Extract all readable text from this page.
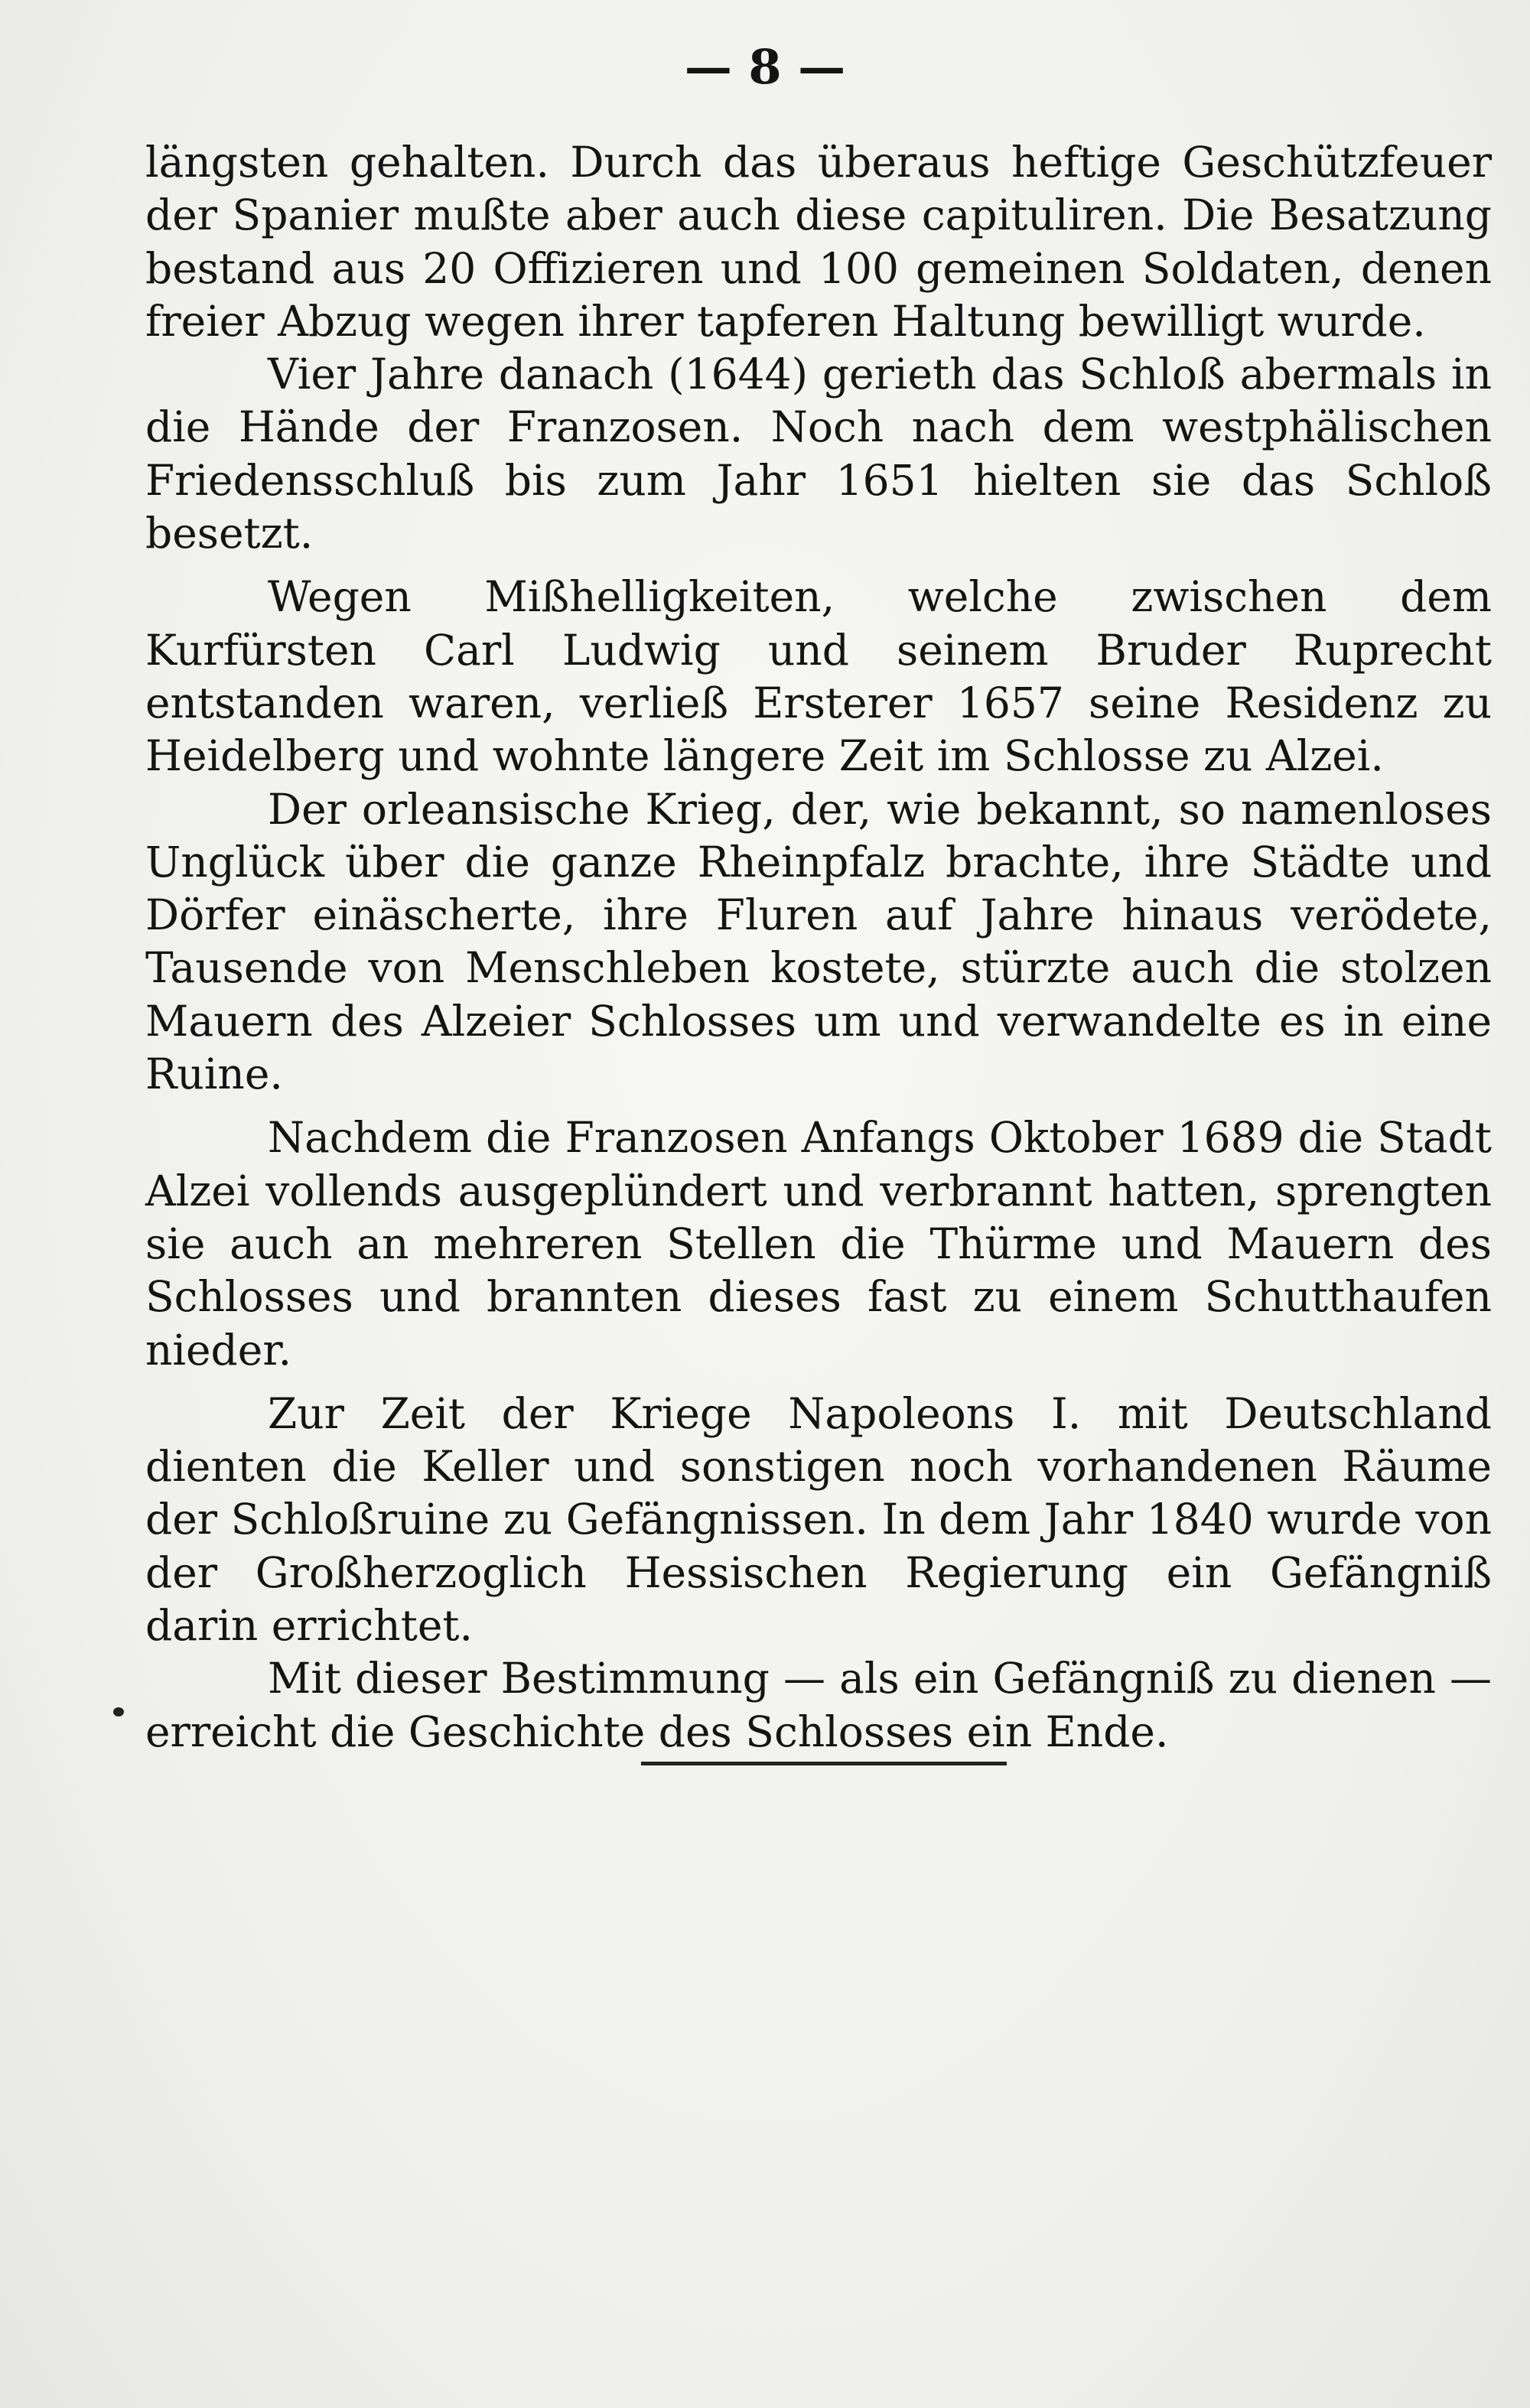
— 8 —

längsten gehalten. Durch das überaus heftige Geschützfeuer der Spanier mußte aber auch diese capituliren. Die Besatzung bestand aus 20 Offizieren und 100 gemeinen Soldaten, denen freier Abzug wegen ihrer tapferen Haltung bewilligt wurde.

Vier Jahre danach (1644) gerieth das Schloß abermals in die Hände der Franzosen. Noch nach dem westphälischen Friedensschluß bis zum Jahr 1651 hielten sie das Schloß besetzt.

Wegen Mißhelligkeiten, welche zwischen dem Kurfürsten Carl Ludwig und seinem Bruder Ruprecht entstanden waren, verließ Ersterer 1657 seine Residenz zu Heidelberg und wohnte längere Zeit im Schlosse zu Alzei.

Der orleansische Krieg, der, wie bekannt, so namenloses Unglück über die ganze Rheinpfalz brachte, ihre Städte und Dörfer einäscherte, ihre Fluren auf Jahre hinaus verödete, Tausende von Menschleben kostete, stürzte auch die stolzen Mauern des Alzeier Schlosses um und verwandelte es in eine Ruine.

Nachdem die Franzosen Anfangs Oktober 1689 die Stadt Alzei vollends ausgeplündert und verbrannt hatten, sprengten sie auch an mehreren Stellen die Thürme und Mauern des Schlosses und brannten dieses fast zu einem Schutthaufen nieder.

Zur Zeit der Kriege Napoleons I. mit Deutschland dienten die Keller und sonstigen noch vorhandenen Räume der Schloßruine zu Gefängnissen. In dem Jahr 1840 wurde von der Großherzoglich Hessischen Regierung ein Gefängniß darin errichtet.

Mit dieser Bestimmung — als ein Gefängniß zu dienen — erreicht die Geschichte des Schlosses ein Ende.
